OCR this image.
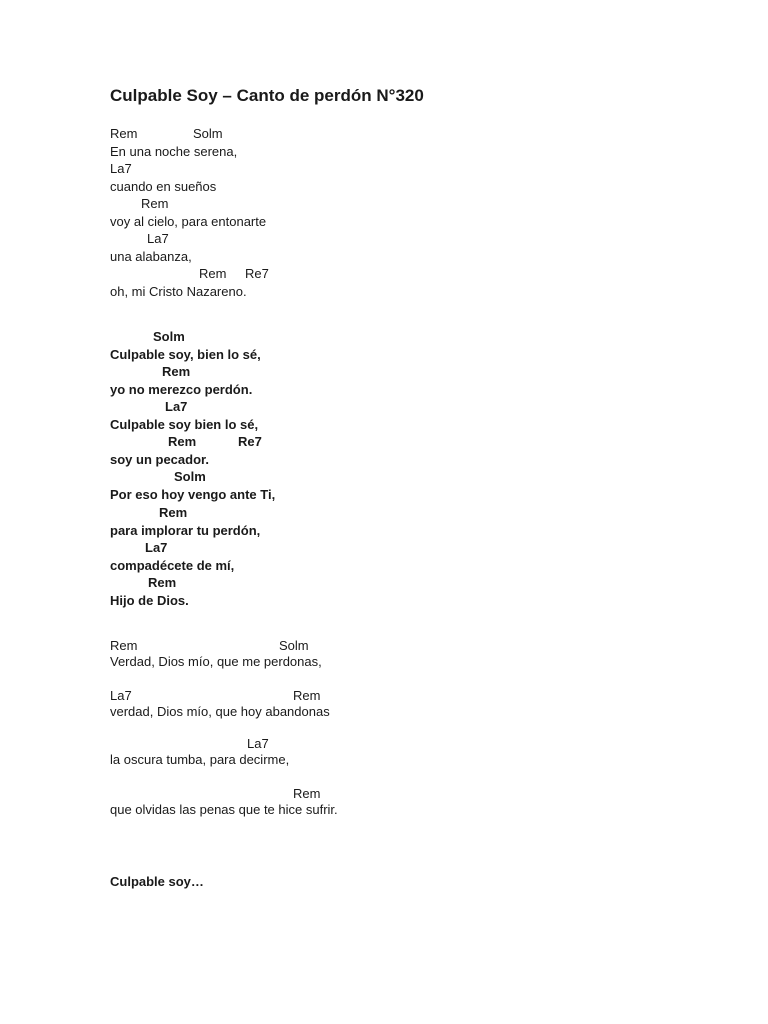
Culpable Soy – Canto de perdón N°320
Rem	Solm
En una noche serena,
La7
cuando en sueños
Rem
voy al cielo, para entonarte
La7
una alabanza,
Rem Re7
oh, mi Cristo Nazareno.
Solm
Culpable soy, bien lo sé,
Rem
yo no merezco perdón.
La7
Culpable soy bien lo sé,
Rem	Re7
soy un pecador.
Solm
Por eso hoy vengo ante Ti,
Rem
para implorar tu perdón,
La7
compadécete de mí,
Rem
Hijo de Dios.
Rem	Solm
Verdad, Dios mío, que me perdonas,
La7	Rem
verdad, Dios mío, que hoy abandonas
La7
la oscura tumba, para decirme,
Rem
que olvidas las penas que te hice sufrir.
Culpable soy…
